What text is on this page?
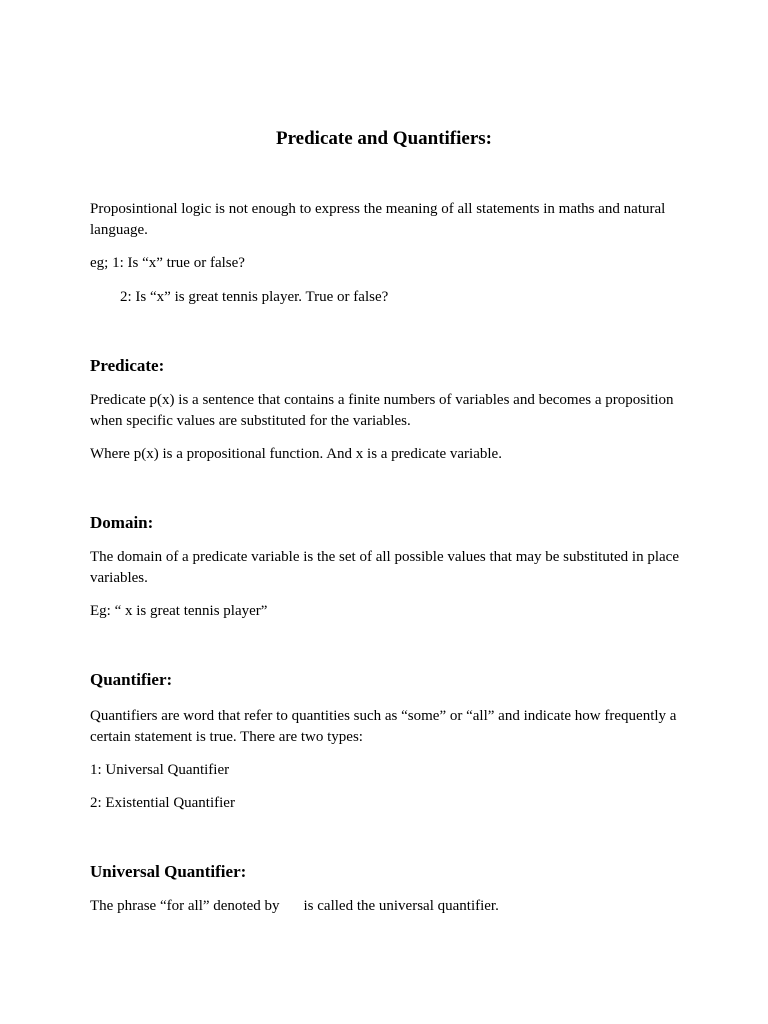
Predicate and Quantifiers:

Proposintional logic is not enough to express the meaning of all statements in maths and natural language.

eg; 1: Is “x” true or false?

2: Is “x” is great tennis player. True or false?

Predicate:

Predicate p(x) is a sentence that contains a finite numbers of variables and becomes a proposition when specific values are substituted for the variables.

Where p(x) is a propositional function. And x is a predicate variable.

Domain:

The domain of a predicate variable is the set of all possible values that may be substituted in place variables.

Eg: “ x is great tennis player”

Quantifier:

Quantifiers are word that refer to quantities such as “some” or “all” and indicate how frequently a certain statement is true. There are two types:

1: Universal Quantifier

2: Existential Quantifier

Universal Quantifier:

The phrase “for all” denoted by is called the universal quantifier.
